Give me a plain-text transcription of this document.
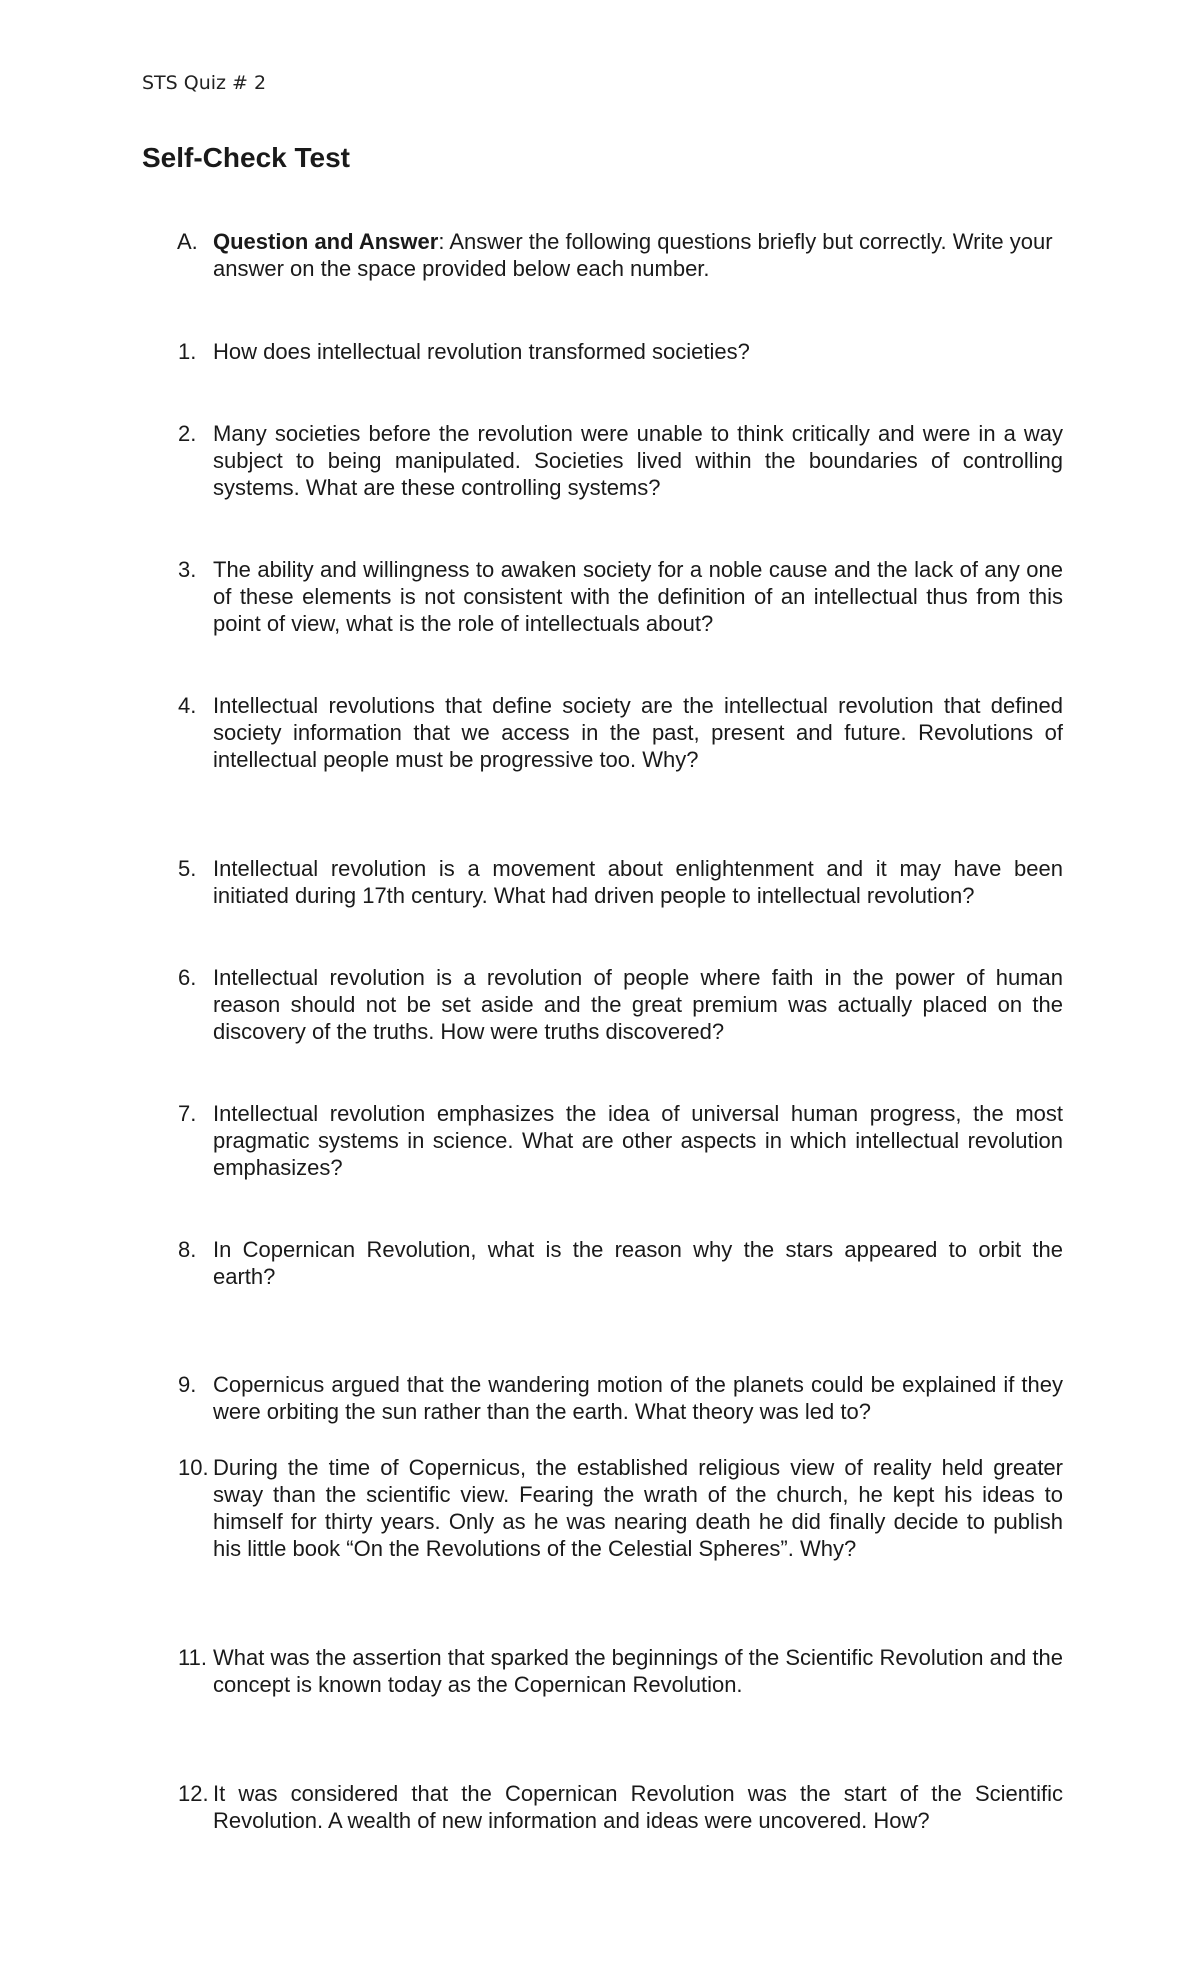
STS Quiz # 2
Self-Check Test
A. Question and Answer: Answer the following questions briefly but correctly. Write your answer on the space provided below each number.
1. How does intellectual revolution transformed societies?
2. Many societies before the revolution were unable to think critically and were in a way subject to being manipulated. Societies lived within the boundaries of controlling systems. What are these controlling systems?
3. The ability and willingness to awaken society for a noble cause and the lack of any one of these elements is not consistent with the definition of an intellectual thus from this point of view, what is the role of intellectuals about?
4. Intellectual revolutions that define society are the intellectual revolution that defined society information that we access in the past, present and future. Revolutions of intellectual people must be progressive too. Why?
5. Intellectual revolution is a movement about enlightenment and it may have been initiated during 17th century. What had driven people to intellectual revolution?
6. Intellectual revolution is a revolution of people where faith in the power of human reason should not be set aside and the great premium was actually placed on the discovery of the truths. How were truths discovered?
7. Intellectual revolution emphasizes the idea of universal human progress, the most pragmatic systems in science. What are other aspects in which intellectual revolution emphasizes?
8. In Copernican Revolution, what is the reason why the stars appeared to orbit the earth?
9. Copernicus argued that the wandering motion of the planets could be explained if they were orbiting the sun rather than the earth. What theory was led to?
10. During the time of Copernicus, the established religious view of reality held greater sway than the scientific view. Fearing the wrath of the church, he kept his ideas to himself for thirty years. Only as he was nearing death he did finally decide to publish his little book “On the Revolutions of the Celestial Spheres”. Why?
11. What was the assertion that sparked the beginnings of the Scientific Revolution and the concept is known today as the Copernican Revolution.
12. It was considered that the Copernican Revolution was the start of the Scientific Revolution. A wealth of new information and ideas were uncovered. How?
